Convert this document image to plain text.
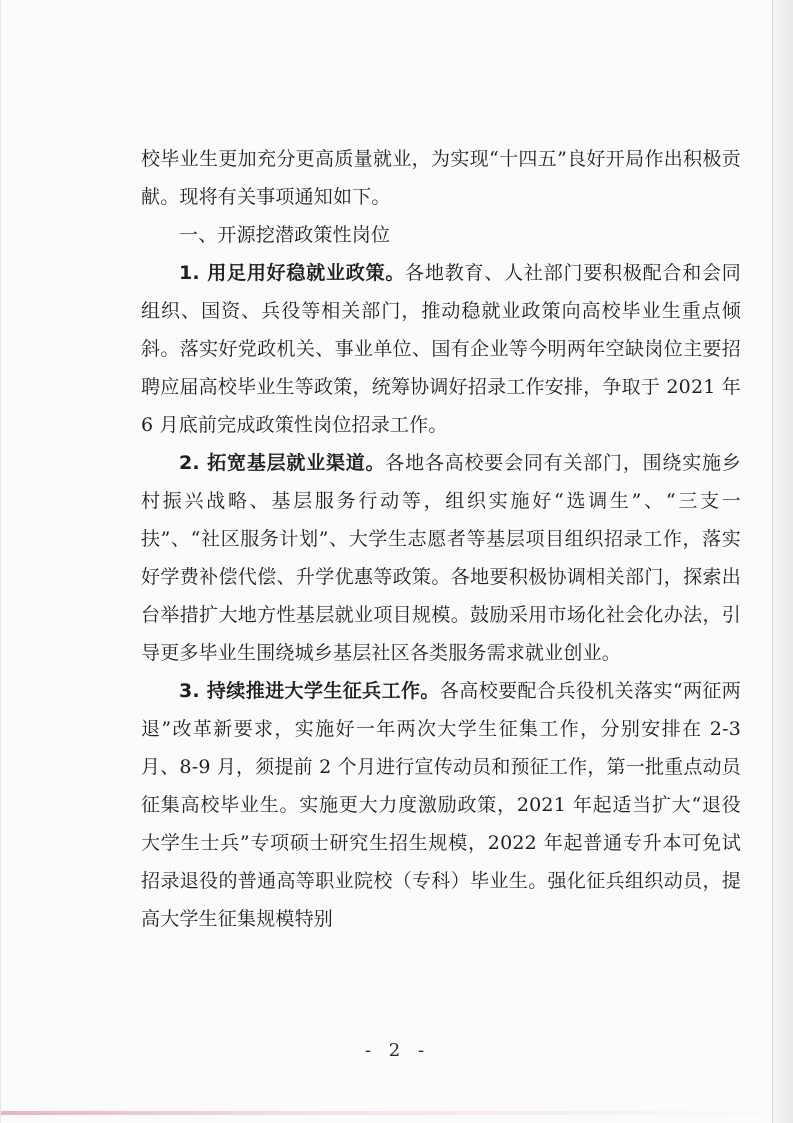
校毕业生更加充分更高质量就业，为实现“十四五”良好开局作出积极贡献。现将有关事项通知如下。

一、开源挖潜政策性岗位

1. 用足用好稳就业政策。各地教育、人社部门要积极配合和会同组织、国资、兵役等相关部门，推动稳就业政策向高校毕业生重点倾斜。落实好党政机关、事业单位、国有企业等今明两年空缺岗位主要招聘应届高校毕业生等政策，统筹协调好招录工作安排，争取于 2021 年 6 月底前完成政策性岗位招录工作。

2. 拓宽基层就业渠道。各地各高校要会同有关部门，围绕实施乡村振兴战略、基层服务行动等，组织实施好“选调生”、“三支一扶”、“社区服务计划”、大学生志愿者等基层项目组织招录工作，落实好学费补偿代偿、升学优惠等政策。各地要积极协调相关部门，探索出台举措扩大地方性基层就业项目规模。鼓励采用市场化社会化办法，引导更多毕业生围绕城乡基层社区各类服务需求就业创业。

3. 持续推进大学生征兵工作。各高校要配合兵役机关落实“两征两退”改革新要求，实施好一年两次大学生征集工作，分别安排在 2-3 月、8-9 月，须提前 2 个月进行宣传动员和预征工作，第一批重点动员征集高校毕业生。实施更大力度激励政策，2021 年起适当扩大“退役大学生士兵”专项硕士研究生招生规模，2022 年起普通专升本可免试招录退役的普通高等职业院校（专科）毕业生。强化征兵组织动员，提高大学生征集规模特别

- 2 -
